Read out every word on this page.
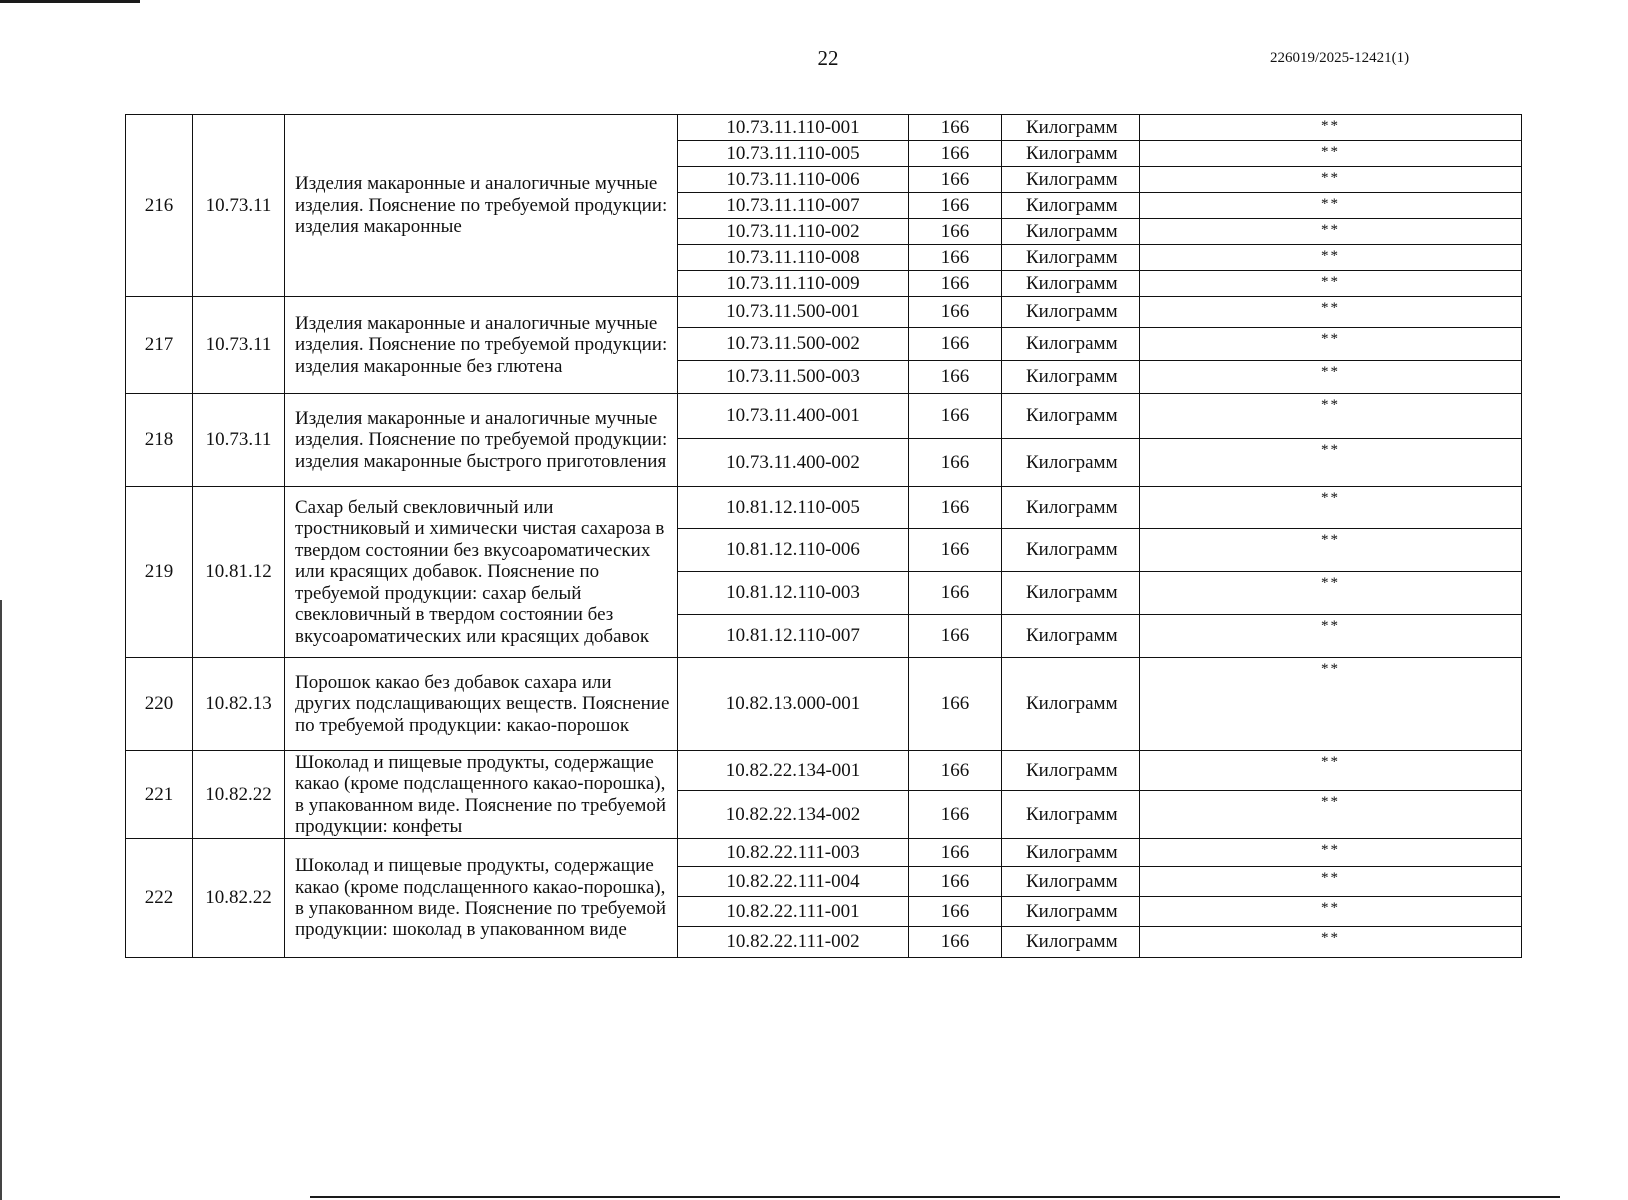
22	226019/2025-12421(1)
216	10.73.11	Изделия макаронные и аналогичные мучные изделия. Пояснение по требуемой продукции: изделия макаронные	10.73.11.110-001	166	Килограмм	**
			10.73.11.110-005	166	Килограмм	**
			10.73.11.110-006	166	Килограмм	**
			10.73.11.110-007	166	Килограмм	**
			10.73.11.110-002	166	Килограмм	**
			10.73.11.110-008	166	Килограмм	**
			10.73.11.110-009	166	Килограмм	**
217	10.73.11	Изделия макаронные и аналогичные мучные изделия. Пояснение по требуемой продукции: изделия макаронные без глютена	10.73.11.500-001	166	Килограмм	**
			10.73.11.500-002	166	Килограмм	**
			10.73.11.500-003	166	Килограмм	**
218	10.73.11	Изделия макаронные и аналогичные мучные изделия. Пояснение по требуемой продукции: изделия макаронные быстрого приготовления	10.73.11.400-001	166	Килограмм	**
			10.73.11.400-002	166	Килограмм	**
219	10.81.12	Сахар белый свекловичный или тростниковый и химически чистая сахароза в твердом состоянии без вкусоароматических или красящих добавок. Пояснение по требуемой продукции: сахар белый свекловичный в твердом состоянии без вкусоароматических или красящих добавок	10.81.12.110-005	166	Килограмм	**
			10.81.12.110-006	166	Килограмм	**
			10.81.12.110-003	166	Килограмм	**
			10.81.12.110-007	166	Килограмм	**
220	10.82.13	Порошок какао без добавок сахара или других подслащивающих веществ. Пояснение по требуемой продукции: какао-порошок	10.82.13.000-001	166	Килограмм	**
221	10.82.22	Шоколад и пищевые продукты, содержащие какао (кроме подслащенного какао-порошка), в упакованном виде. Пояснение по требуемой продукции: конфеты	10.82.22.134-001	166	Килограмм	**
			10.82.22.134-002	166	Килограмм	**
222	10.82.22	Шоколад и пищевые продукты, содержащие какао (кроме подслащенного какао-порошка), в упакованном виде. Пояснение по требуемой продукции: шоколад в упакованном виде	10.82.22.111-003	166	Килограмм	**
			10.82.22.111-004	166	Килограмм	**
			10.82.22.111-001	166	Килограмм	**
			10.82.22.111-002	166	Килограмм	**
